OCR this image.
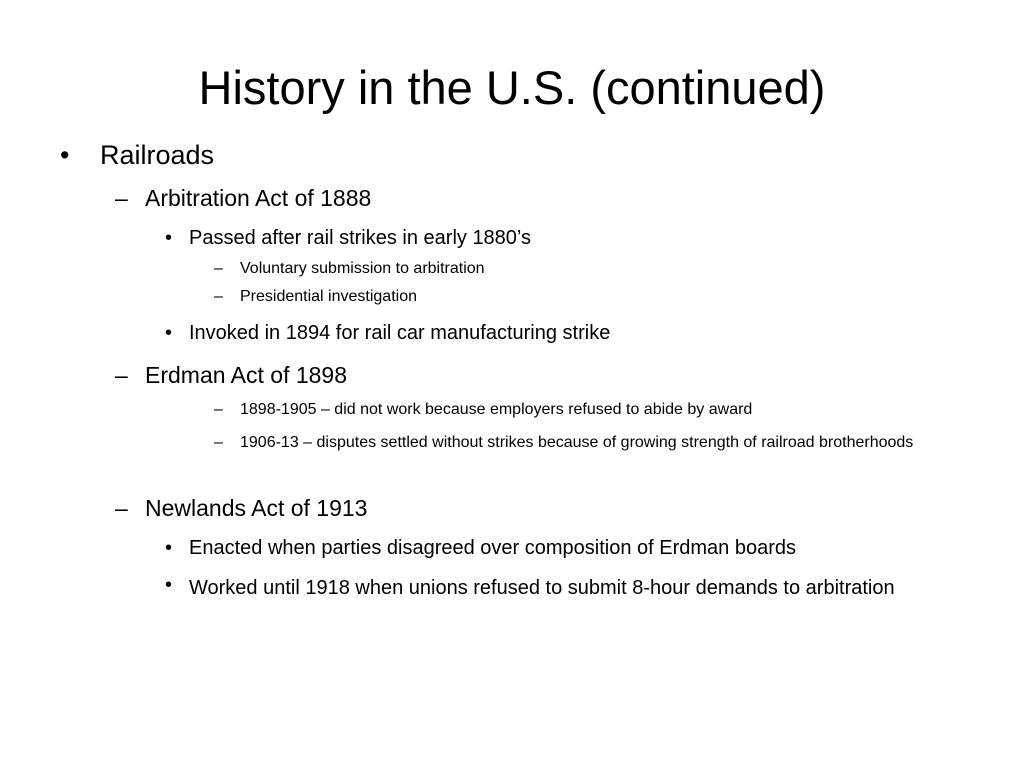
History in the U.S. (continued)
• Railroads
– Arbitration Act of 1888
• Passed after rail strikes in early 1880’s
– Voluntary submission to arbitration
– Presidential investigation
• Invoked in 1894 for rail car manufacturing strike
– Erdman Act of 1898
– 1898-1905 – did not work because employers refused to abide by award
– 1906-13 – disputes settled without strikes because of growing strength of railroad brotherhoods
– Newlands Act of 1913
• Enacted when parties disagreed over composition of Erdman boards
• Worked until 1918 when unions refused to submit 8-hour demands to arbitration
